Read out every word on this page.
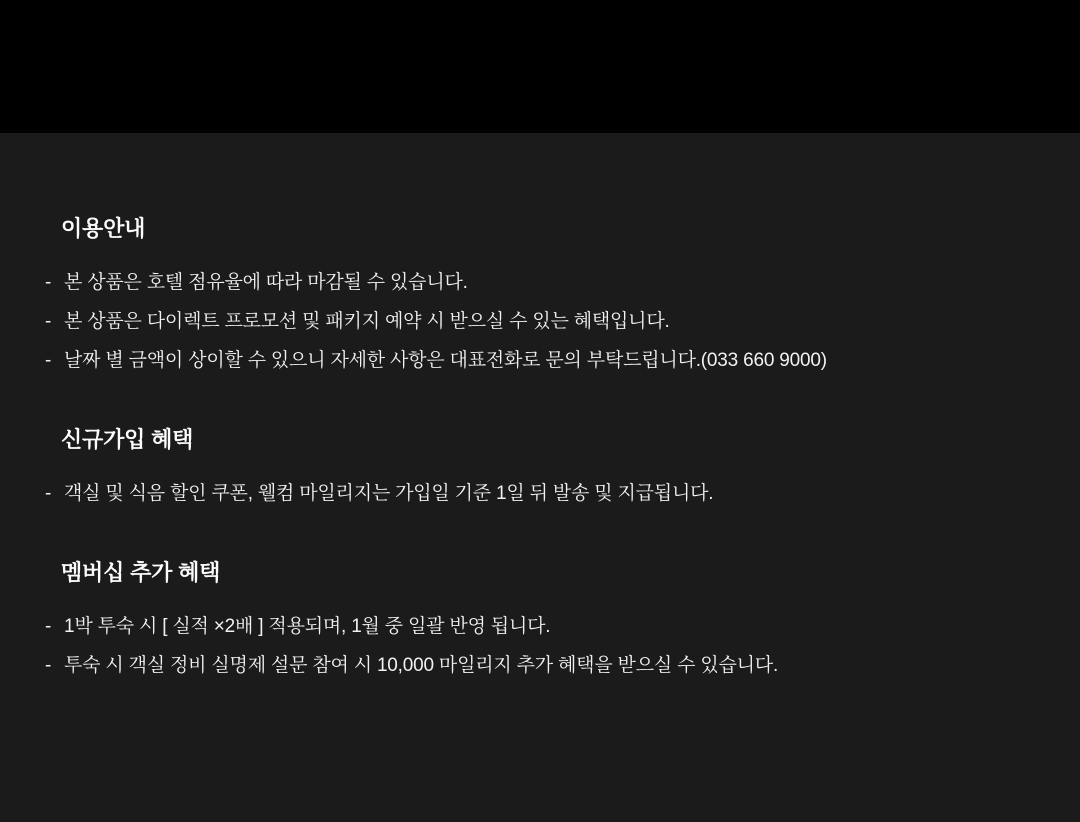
이용안내
- 본 상품은 호텔 점유율에 따라 마감될 수 있습니다.
- 본 상품은 다이렉트 프로모션 및 패키지 예약 시 받으실 수 있는 혜택입니다.
- 날짜 별 금액이 상이할 수 있으니 자세한 사항은 대표전화로 문의 부탁드립니다.(033 660 9000)
신규가입 혜택
- 객실 및 식음 할인 쿠폰, 웰컴 마일리지는 가입일 기준 1일 뒤 발송 및 지급됩니다.
멤버십 추가 혜택
- 1박 투숙 시 [ 실적 ×2배 ] 적용되며, 1월 중 일괄 반영 됩니다.
- 투숙 시 객실 정비 실명제 설문 참여 시 10,000 마일리지 추가 혜택을 받으실 수 있습니다.
